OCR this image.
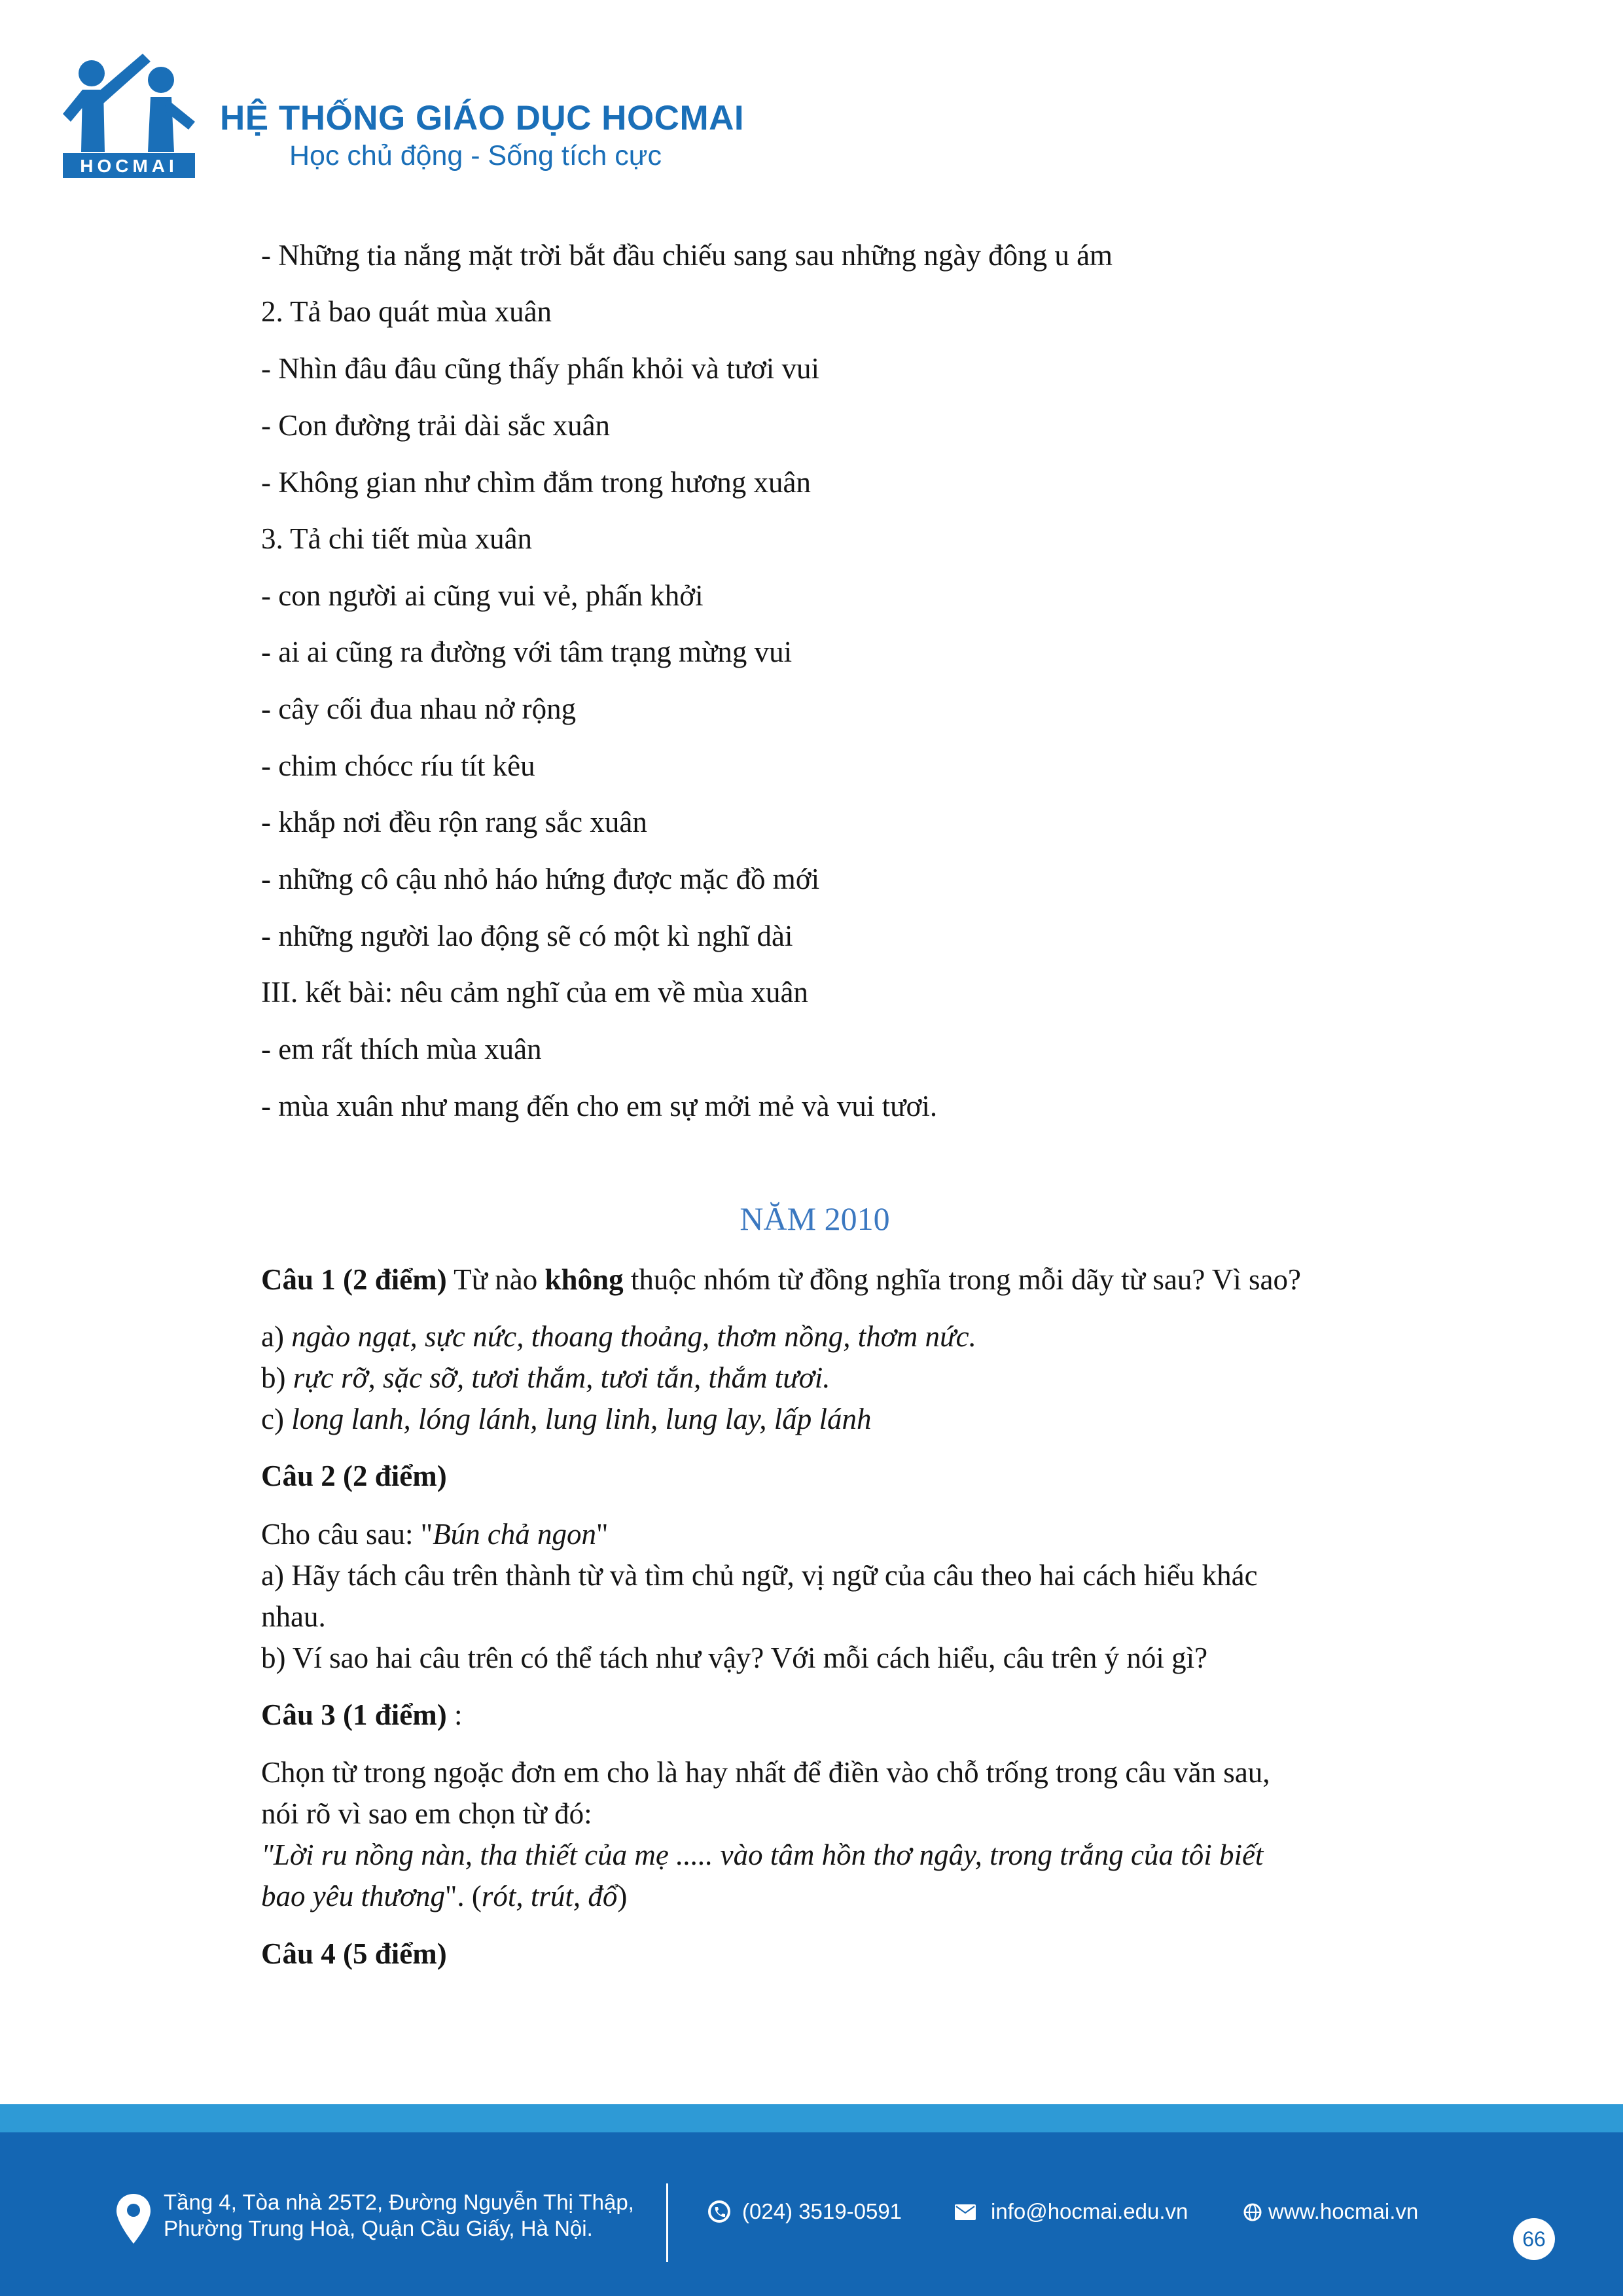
HOCMAI
HỆ THỐNG GIÁO DỤC HOCMAI
Học chủ động - Sống tích cực
- Những tia nắng mặt trời bắt đầu chiếu sang sau những ngày đông u ám
2. Tả bao quát mùa xuân
- Nhìn đâu đâu cũng thấy phấn khỏi và tươi vui
- Con đường trải dài sắc xuân
- Không gian như chìm đắm trong hương xuân
3. Tả chi tiết mùa xuân
- con người ai cũng vui vẻ, phấn khởi
- ai ai cũng ra đường với tâm trạng mừng vui
- cây cối đua nhau nở rộng
- chim chócc ríu tít kêu
- khắp nơi đều rộn rang sắc xuân
- những cô cậu nhỏ háo hứng được mặc đồ mới
- những người lao động sẽ có một kì nghĩ dài
III. kết bài: nêu cảm nghĩ của em về mùa xuân
- em rất thích mùa xuân
- mùa xuân như mang đến cho em sự mởi mẻ và vui tươi.
NĂM 2010
Câu 1 (2 điểm) Từ nào không thuộc nhóm từ đồng nghĩa trong mỗi dãy từ sau? Vì sao?
a) ngào ngạt, sực nức, thoang thoảng, thơm nồng, thơm nức.
b) rực rỡ, sặc sỡ, tươi thắm, tươi tắn, thắm tươi.
c) long lanh, lóng lánh, lung linh, lung lay, lấp lánh
Câu 2 (2 điểm)
Cho câu sau: "Bún chả ngon"
a) Hãy tách câu trên thành từ và tìm chủ ngữ, vị ngữ của câu theo hai cách hiểu khác
nhau.
b) Ví sao hai câu trên có thể tách như vậy? Với mỗi cách hiểu, câu trên ý nói gì?
Câu 3 (1 điểm) :
Chọn từ trong ngoặc đơn em cho là hay nhất để điền vào chỗ trống trong câu văn sau,
nói rõ vì sao em chọn từ đó:
"Lời ru nồng nàn, tha thiết của mẹ ..... vào tâm hồn thơ ngây, trong trắng của tôi biết
bao yêu thương". (rót, trút, đổ)
Câu 4 (5 điểm)
Tầng 4, Tòa nhà 25T2, Đường Nguyễn Thị Thập,
Phường Trung Hoà, Quận Cầu Giấy, Hà Nội.
(024) 3519-0591	info@hocmai.edu.vn	www.hocmai.vn
66
